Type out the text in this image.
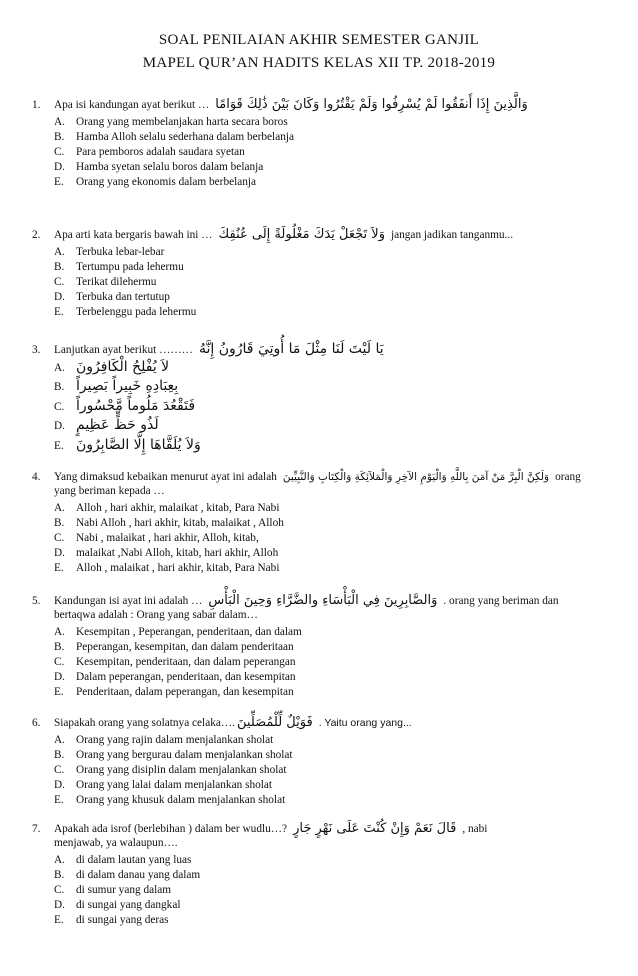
SOAL PENILAIAN AKHIR SEMESTER GANJIL
MAPEL QUR’AN HADITS KELAS XII TP. 2018-2019
1.	Apa isi kandungan ayat berikut … وَالَّذِينَ إِذَا أَنفَقُوا لَمْ يُسْرِفُوا وَلَمْ يَقْتُرُوا وَكَانَ بَيْنَ ذَٰلِكَ قَوَامًا
A. Orang yang membelanjakan harta secara boros
B.	Hamba Alloh selalu sederhana dalam berbelanja
C.	Para pemboros adalah saudara syetan
D. Hamba syetan selalu boros dalam belanja
E.	Orang yang ekonomis dalam berbelanja
2.	Apa arti kata bergaris bawah ini … وَلاَ تَجْعَلْ يَدَكَ مَغْلُولَةً إِلَى عُنُقِكَ jangan jadikan tanganmu...
A. Terbuka lebar-lebar
B.	Tertumpu pada lehermu
C.	Terikat dilehermu
D. Terbuka dan tertutup
E.	Terbelenggu pada lehermu
3.	Lanjutkan ayat berikut ……… يَا لَيْتَ لَنَا مِثْلَ مَا أُوتِيَ قَارُونُ إِنَّهُ
A. لاَ يُفْلِحُ الْكَافِرُونَ
B. بِعِبَادِهِ خَبِيراً بَصِيراً
C. فَتَقْعُدَ مَلُوماً مَّحْسُوراً
D. لَذُو حَظٍّ عَظِيمٍ
E. وَلاَ يُلَقَّاهَا إِلَّا الصَّابِرُونَ
4.	Yang dimaksud kebaikan menurut ayat ini adalah وَلَكِنَّ الْبِرَّ مَنْ آمَنَ بِاللَّهِ وَالْيَوْمِ الآخِرِ وَالْمَلآئِكَةِ وَالْكِتَابِ وَالنَّبِيِّينَ orang
yang beriman kepada …
A. Alloh , hari akhir, malaikat , kitab, Para Nabi
B.	Nabi Alloh , hari akhir, kitab, malaikat , Alloh
C.	Nabi , malaikat , hari akhir, Alloh, kitab,
D. malaikat ,Nabi Alloh, kitab, hari akhir, Alloh
E.	Alloh , malaikat , hari akhir, kitab, Para Nabi
5.	Kandungan isi ayat ini adalah … وَالصَّابِرِينَ فِي الْبَأْسَاءِ والضَّرَّاءِ وَحِينَ الْبَأْسِ . orang yang beriman dan
bertaqwa adalah : Orang yang sabar dalam…
A. Kesempitan , Peperangan, penderitaan, dan dalam
B.	Peperangan, kesempitan, dan dalam penderitaan
C.	Kesempitan, penderitaan, dan dalam peperangan
D. Dalam peperangan, penderitaan, dan kesempitan
E.	Penderitaan, dalam peperangan, dan kesempitan
6.	Siapakah orang yang solatnya celaka…. فَوَيْلٌ لِّلْمُصَلِّينَ . Yaitu orang yang...
A. Orang yang rajin dalam menjalankan sholat
B.	Orang yang bergurau dalam menjalankan sholat
C.	Orang yang disiplin dalam menjalankan sholat
D. Orang yang lalai dalam menjalankan sholat
E.	Orang yang khusuk dalam menjalankan sholat
7.	Apakah ada isrof (berlebihan ) dalam ber wudlu…? قَالَ نَعَمْ وَإِنْ كُنْتَ عَلَى نَهْرٍ جَارٍ , nabi
menjawab, ya walaupun….
A. di dalam lautan yang luas
B.	di dalam danau yang dalam
C.	di sumur yang dalam
D. di sungai yang dangkal
E.	di sungai yang deras
